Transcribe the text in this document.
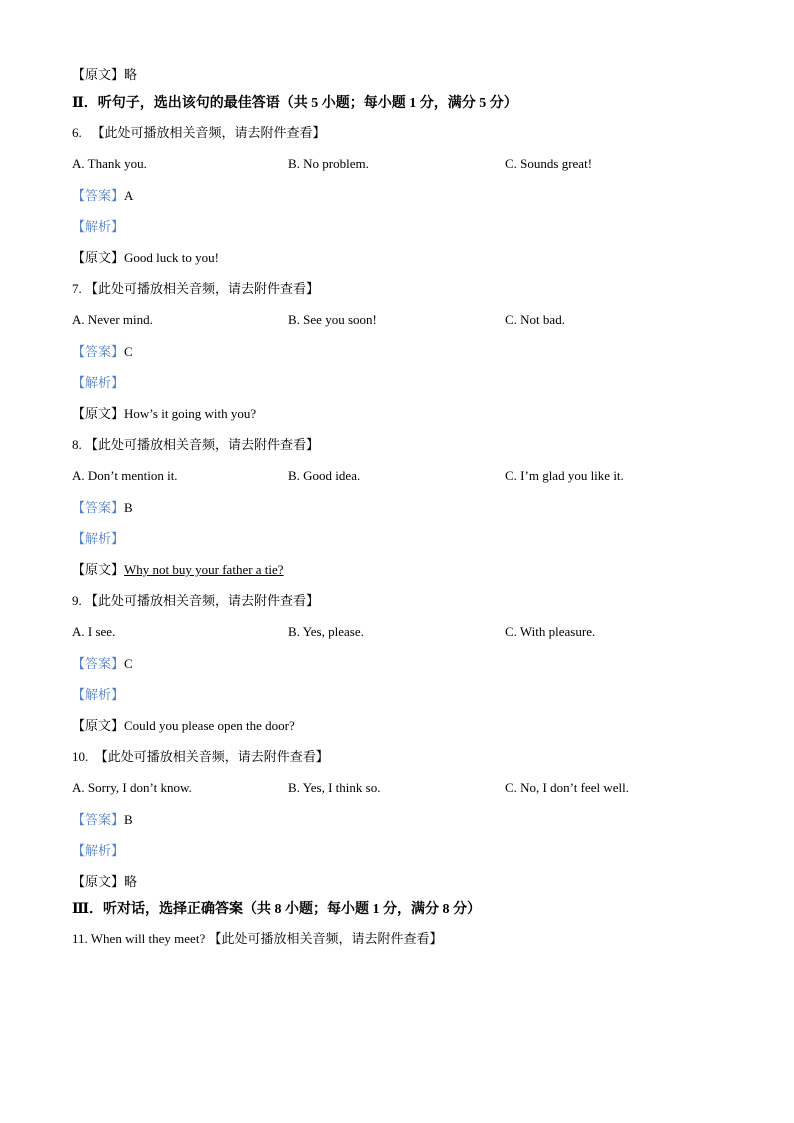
【原文】略
Ⅱ．听句子，选出该句的最佳答语（共 5 小题；每小题 1 分，满分 5 分）
6. 【此处可播放相关音频，请去附件查看】
A. Thank you.	B. No problem.	C. Sounds great!
【答案】A
【解析】
【原文】Good luck to you!
7. 【此处可播放相关音频，请去附件查看】
A. Never mind.	B. See you soon!	C. Not bad.
【答案】C
【解析】
【原文】How’s it going with you?
8. 【此处可播放相关音频，请去附件查看】
A. Don’t mention it.	B. Good idea.	C. I’m glad you like it.
【答案】B
【解析】
【原文】Why not buy your father a tie?
9. 【此处可播放相关音频，请去附件查看】
A. I see.	B. Yes, please.	C. With pleasure.
【答案】C
【解析】
【原文】Could you please open the door?
10. 【此处可播放相关音频，请去附件查看】
A. Sorry, I don’t know.	B. Yes, I think so.	C. No, I don’t feel well.
【答案】B
【解析】
【原文】略
Ⅲ．听对话，选择正确答案（共 8 小题；每小题 1 分，满分 8 分）
11. When will they meet? 【此处可播放相关音频，请去附件查看】
